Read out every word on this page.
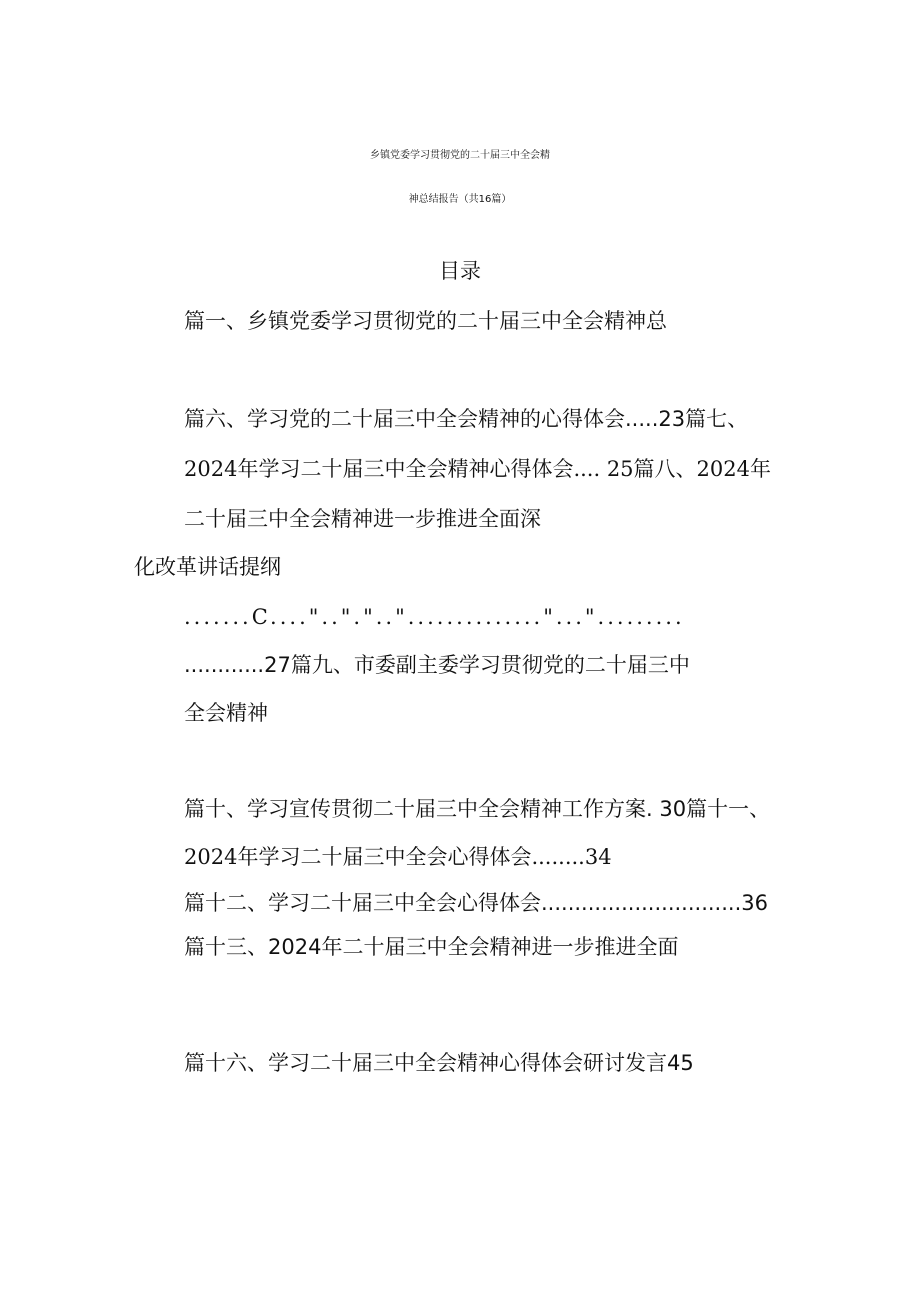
乡镇党委学习贯彻党的二十届三中全会精
神总结报告（共16篇）
目录
篇一、乡镇党委学习贯彻党的二十届三中全会精神总
篇六、学习党的二十届三中全会精神的心得体会.....23篇七、
2024年学习二十届三中全会精神心得体会.... 25篇八、2024年
二十届三中全会精神进一步推进全面深
化改革讲话提纲
.......C....".."."..".............."...".........
............27篇九、市委副主委学习贯彻党的二十届三中
全会精神
篇十、学习宣传贯彻二十届三中全会精神工作方案. 30篇十一、
2024年学习二十届三中全会心得体会........34
篇十二、学习二十届三中全会心得体会..............................36
篇十三、2024年二十届三中全会精神进一步推进全面
篇十六、学习二十届三中全会精神心得体会研讨发言45
